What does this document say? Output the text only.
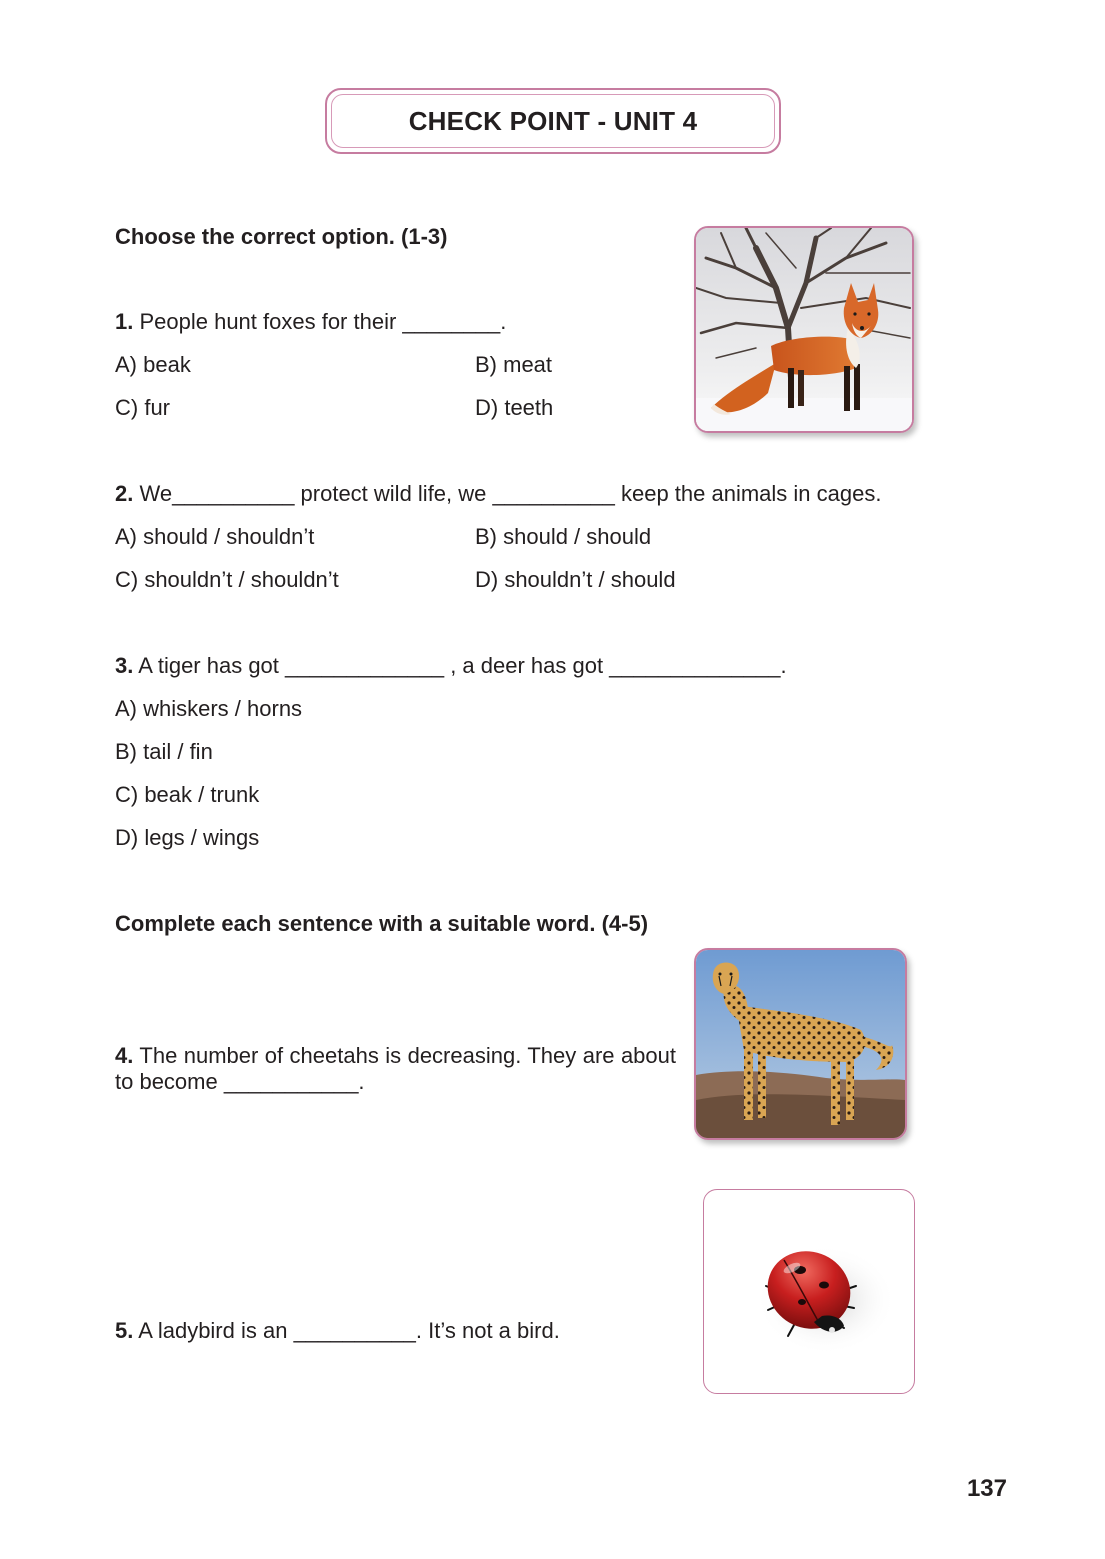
CHECK POINT - UNIT 4
Choose the correct option. (1-3)
1. People hunt foxes for their ________.
A) beak	B) meat
C) fur	D) teeth
2. We__________ protect wild life, we __________ keep the animals in cages.
A) should / shouldn’t	B) should / should
C) shouldn’t / shouldn’t	D) shouldn’t / should
3. A tiger has got _____________ , a deer has got ______________.
A) whiskers / horns
B) tail / fin
C) beak / trunk
D) legs / wings
Complete each sentence with a suitable word. (4-5)
4. The number of cheetahs is decreasing. They are about to become ___________.
5. A ladybird is an __________. It’s not a bird.
137
